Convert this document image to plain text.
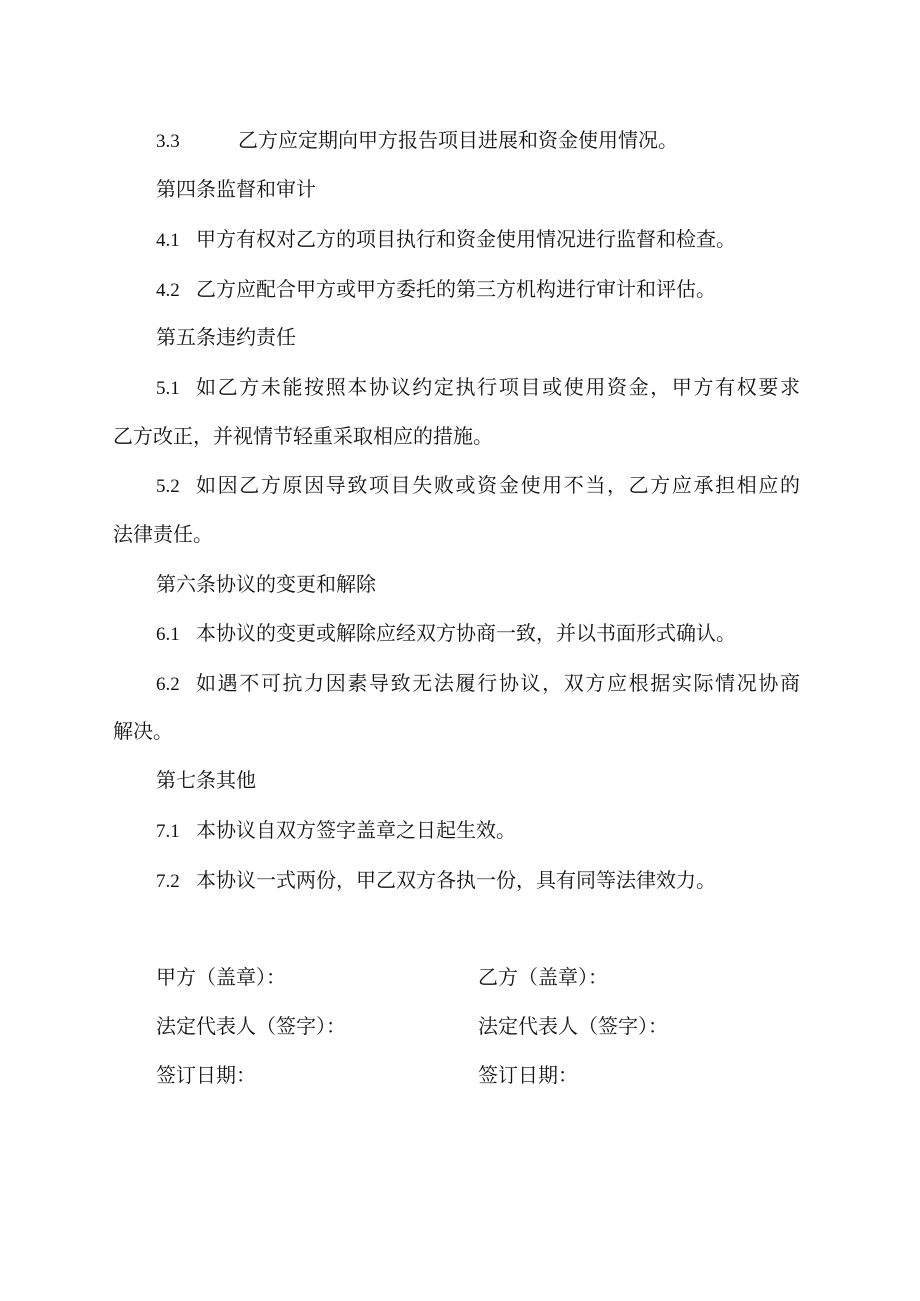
3.3	乙方应定期向甲方报告项目进展和资金使用情况。
第四条监督和审计
4.1 甲方有权对乙方的项目执行和资金使用情况进行监督和检查。
4.2 乙方应配合甲方或甲方委托的第三方机构进行审计和评估。
第五条违约责任
5.1 如乙方未能按照本协议约定执行项目或使用资金，甲方有权要求
乙方改正，并视情节轻重采取相应的措施。
5.2 如因乙方原因导致项目失败或资金使用不当，乙方应承担相应的
法律责任。
第六条协议的变更和解除
6.1 本协议的变更或解除应经双方协商一致，并以书面形式确认。
6.2 如遇不可抗力因素导致无法履行协议，双方应根据实际情况协商
解决。
第七条其他
7.1 本协议自双方签字盖章之日起生效。
7.2 本协议一式两份，甲乙双方各执一份，具有同等法律效力。
甲方（盖章）：	乙方（盖章）：
法定代表人（签字）：	法定代表人（签字）：
签订日期：	签订日期：
